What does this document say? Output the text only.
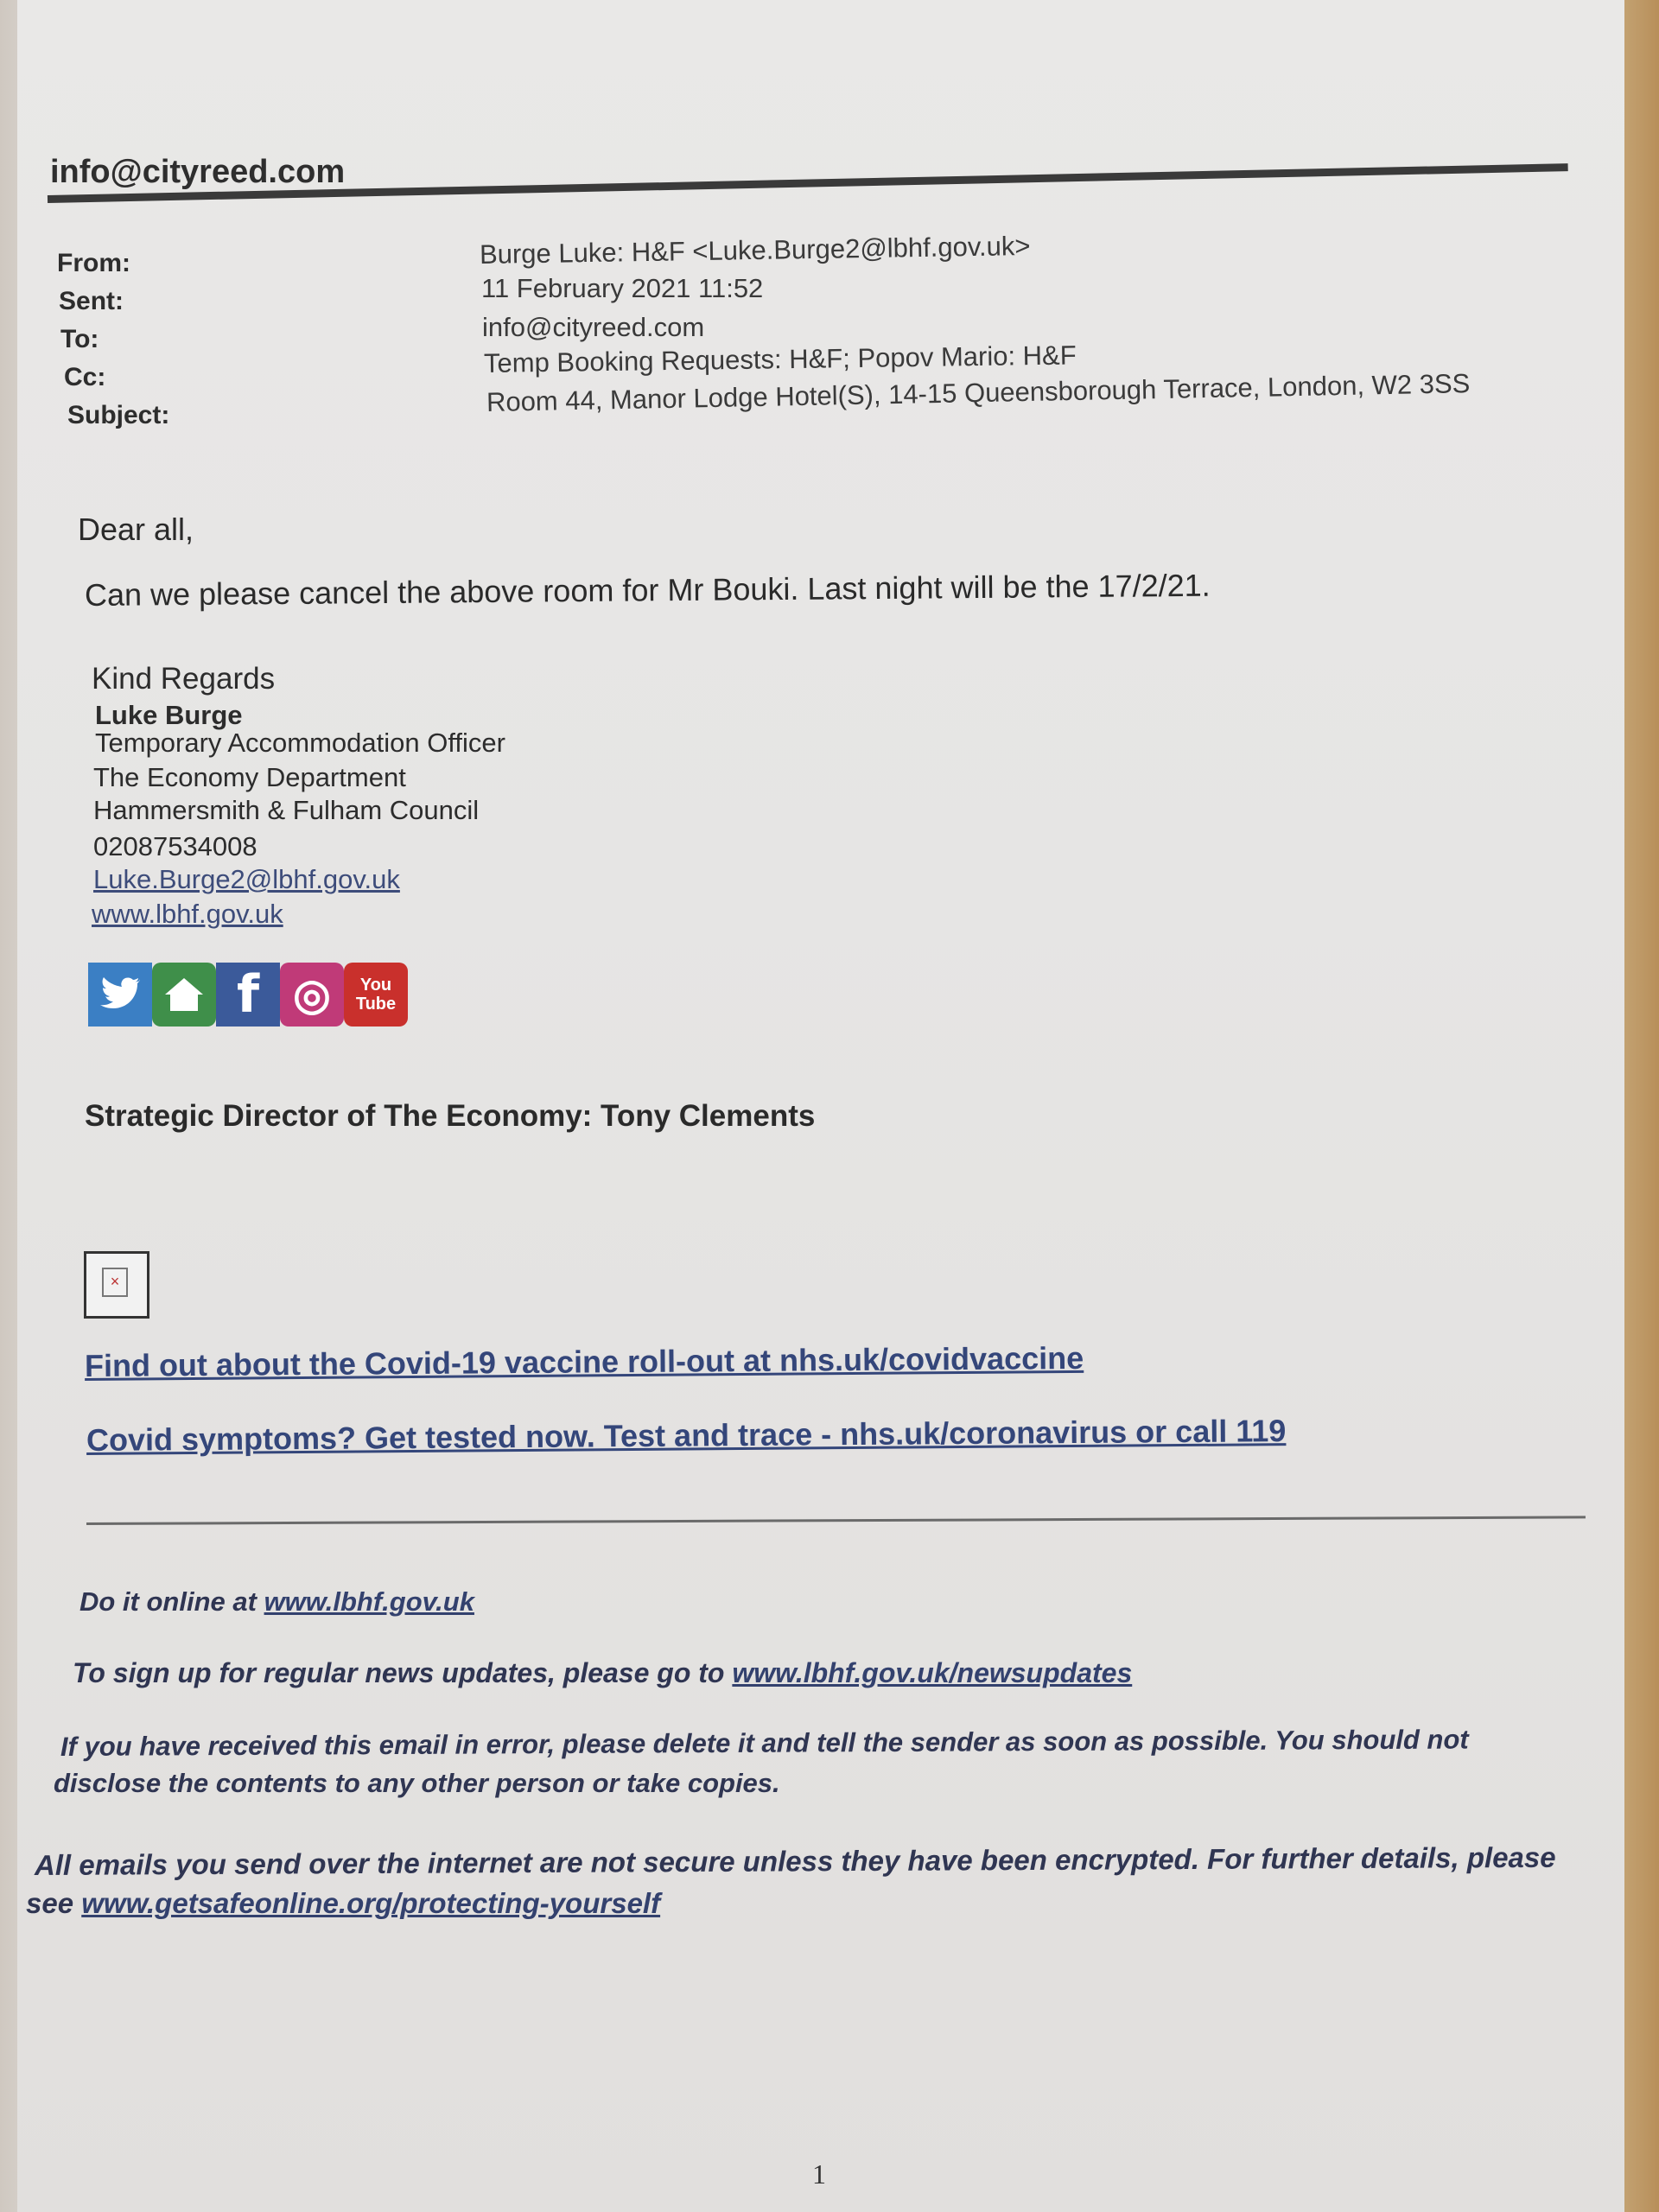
info@cityreed.com
From:	Burge Luke: H&F <Luke.Burge2@lbhf.gov.uk>
Sent:	11 February 2021 11:52
To:	info@cityreed.com
Cc:	Temp Booking Requests: H&F; Popov Mario: H&F
Subject:	Room 44, Manor Lodge Hotel(S), 14-15 Queensborough Terrace, London, W2 3SS
Dear all,
Can we please cancel the above room for Mr Bouki. Last night will be the 17/2/21.
Kind Regards
Luke Burge
Temporary Accommodation Officer
The Economy Department
Hammersmith & Fulham Council
02087534008
Luke.Burge2@lbhf.gov.uk
www.lbhf.gov.uk
f ◎	You
Tube
Strategic Director of The Economy: Tony Clements
×
Find out about the Covid-19 vaccine roll-out at nhs.uk/covidvaccine
Covid symptoms? Get tested now. Test and trace - nhs.uk/coronavirus or call 119
Do it online at www.lbhf.gov.uk
To sign up for regular news updates, please go to www.lbhf.gov.uk/newsupdates
If you have received this email in error, please delete it and tell the sender as soon as possible. You should not
disclose the contents to any other person or take copies.
All emails you send over the internet are not secure unless they have been encrypted. For further details, please
see www.getsafeonline.org/protecting-yourself
1
